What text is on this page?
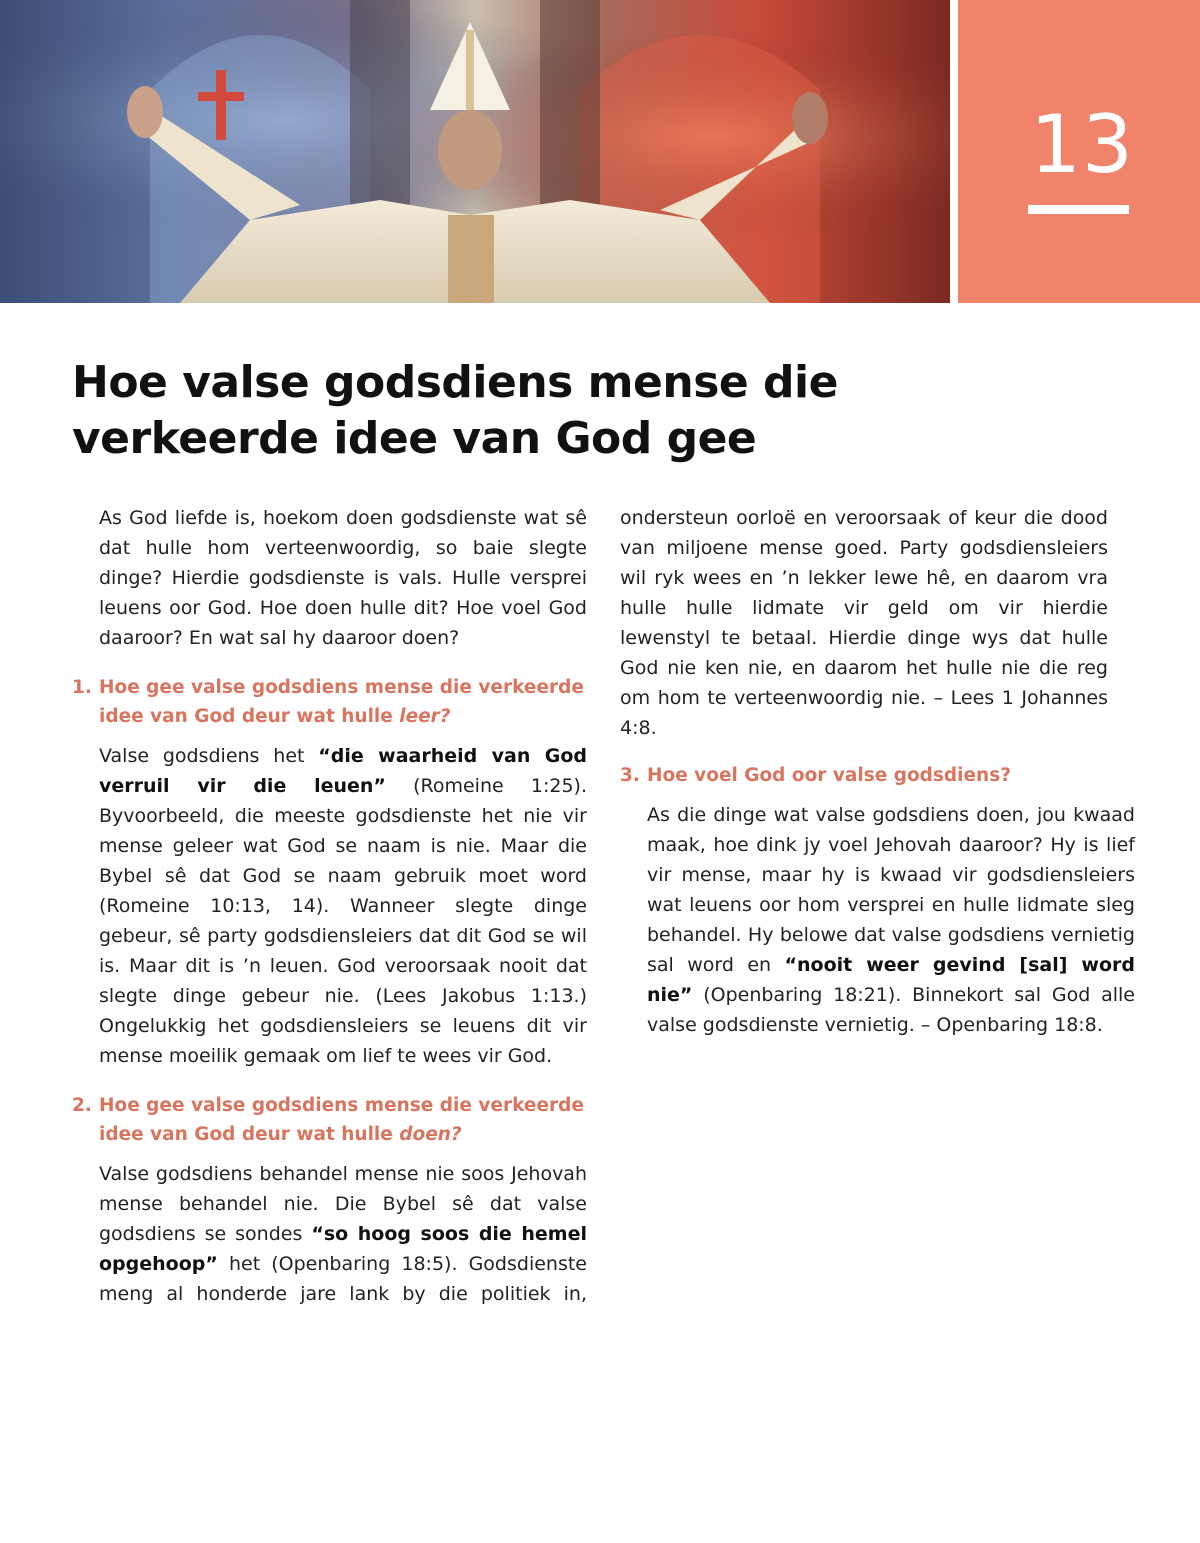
13
Hoe valse godsdiens mense die verkeerde idee van God gee

As God liefde is, hoekom doen godsdienste wat sê dat hulle hom verteenwoordig, so baie slegte dinge? Hierdie godsdienste is vals. Hulle versprei leuens oor God. Hoe doen hulle dit? Hoe voel God daaroor? En wat sal hy daaroor doen?

1. Hoe gee valse godsdiens mense die verkeerde idee van God deur wat hulle leer?

Valse godsdiens het “die waarheid van God verruil vir die leuen” (Romeine 1:25). Byvoorbeeld, die meeste godsdienste het nie vir mense geleer wat God se naam is nie. Maar die Bybel sê dat God se naam gebruik moet word (Romeine 10:13, 14). Wanneer slegte dinge gebeur, sê party godsdiensleiers dat dit God se wil is. Maar dit is ’n leuen. God veroorsaak nooit dat slegte dinge gebeur nie. (Lees Jakobus 1:13.) Ongelukkig het godsdiensleiers se leuens dit vir mense moeilik gemaak om lief te wees vir God.

2. Hoe gee valse godsdiens mense die verkeerde idee van God deur wat hulle doen?

Valse godsdiens behandel mense nie soos Jehovah mense behandel nie. Die Bybel sê dat valse godsdiens se sondes “so hoog soos die hemel opgehoop” het (Openbaring 18:5). Godsdienste meng al honderde jare lank by die politiek in,

ondersteun oorloë en veroorsaak of keur die dood van miljoene mense goed. Party godsdiensleiers wil ryk wees en ’n lekker lewe hê, en daarom vra hulle hulle lidmate vir geld om vir hierdie lewenstyl te betaal. Hierdie dinge wys dat hulle God nie ken nie, en daarom het hulle nie die reg om hom te verteenwoordig nie. – Lees 1 Johannes 4:8.

3. Hoe voel God oor valse godsdiens?

As die dinge wat valse godsdiens doen, jou kwaad maak, hoe dink jy voel Jehovah daaroor? Hy is lief vir mense, maar hy is kwaad vir godsdiensleiers wat leuens oor hom versprei en hulle lidmate sleg behandel. Hy belowe dat valse godsdiens vernietig sal word en “nooit weer gevind [sal] word nie” (Openbaring 18:21). Binnekort sal God alle valse godsdienste vernietig. – Openbaring 18:8.
